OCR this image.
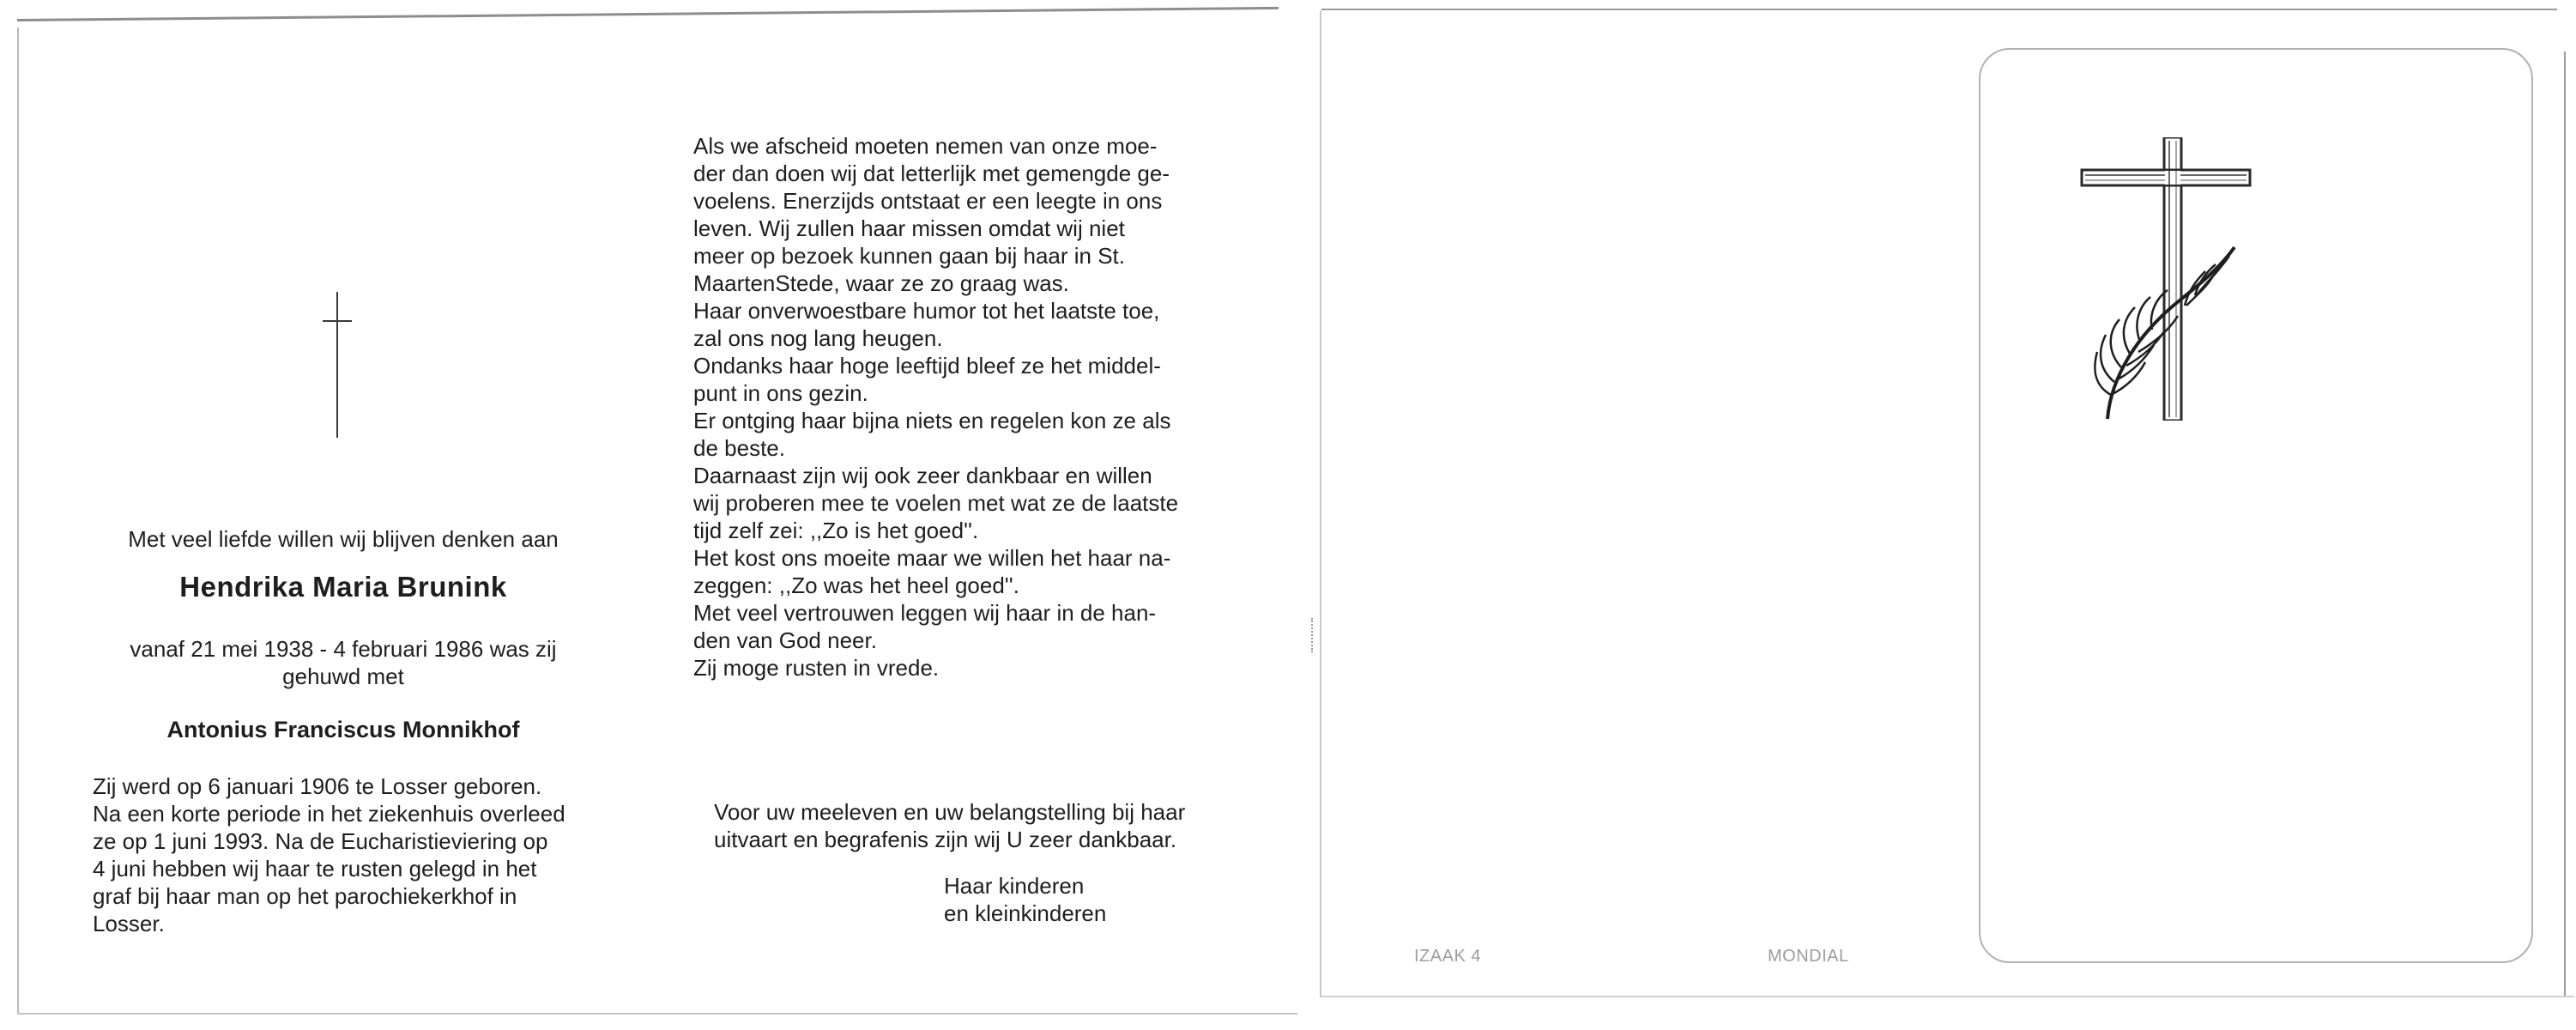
Met veel liefde willen wij blijven denken aan

Hendrika Maria Brunink

vanaf 21 mei 1938 - 4 februari 1986 was zij
gehuwd met

Antonius Franciscus Monnikhof

Zij werd op 6 januari 1906 te Losser geboren.
Na een korte periode in het ziekenhuis overleed
ze op 1 juni 1993. Na de Eucharistieviering op
4 juni hebben wij haar te rusten gelegd in het
graf bij haar man op het parochiekerkhof in
Losser.

Als we afscheid moeten nemen van onze moe-
der dan doen wij dat letterlijk met gemengde ge-
voelens. Enerzijds ontstaat er een leegte in ons
leven. Wij zullen haar missen omdat wij niet
meer op bezoek kunnen gaan bij haar in St.
MaartenStede, waar ze zo graag was.
Haar onverwoestbare humor tot het laatste toe,
zal ons nog lang heugen.
Ondanks haar hoge leeftijd bleef ze het middel-
punt in ons gezin.
Er ontging haar bijna niets en regelen kon ze als
de beste.
Daarnaast zijn wij ook zeer dankbaar en willen
wij proberen mee te voelen met wat ze de laatste
tijd zelf zei: ,,Zo is het goed''.
Het kost ons moeite maar we willen het haar na-
zeggen: ,,Zo was het heel goed''.
Met veel vertrouwen leggen wij haar in de han-
den van God neer.
Zij moge rusten in vrede.

Voor uw meeleven en uw belangstelling bij haar
uitvaart en begrafenis zijn wij U zeer dankbaar.

Haar kinderen
en kleinkinderen

IZAAK 4	MONDIAL
